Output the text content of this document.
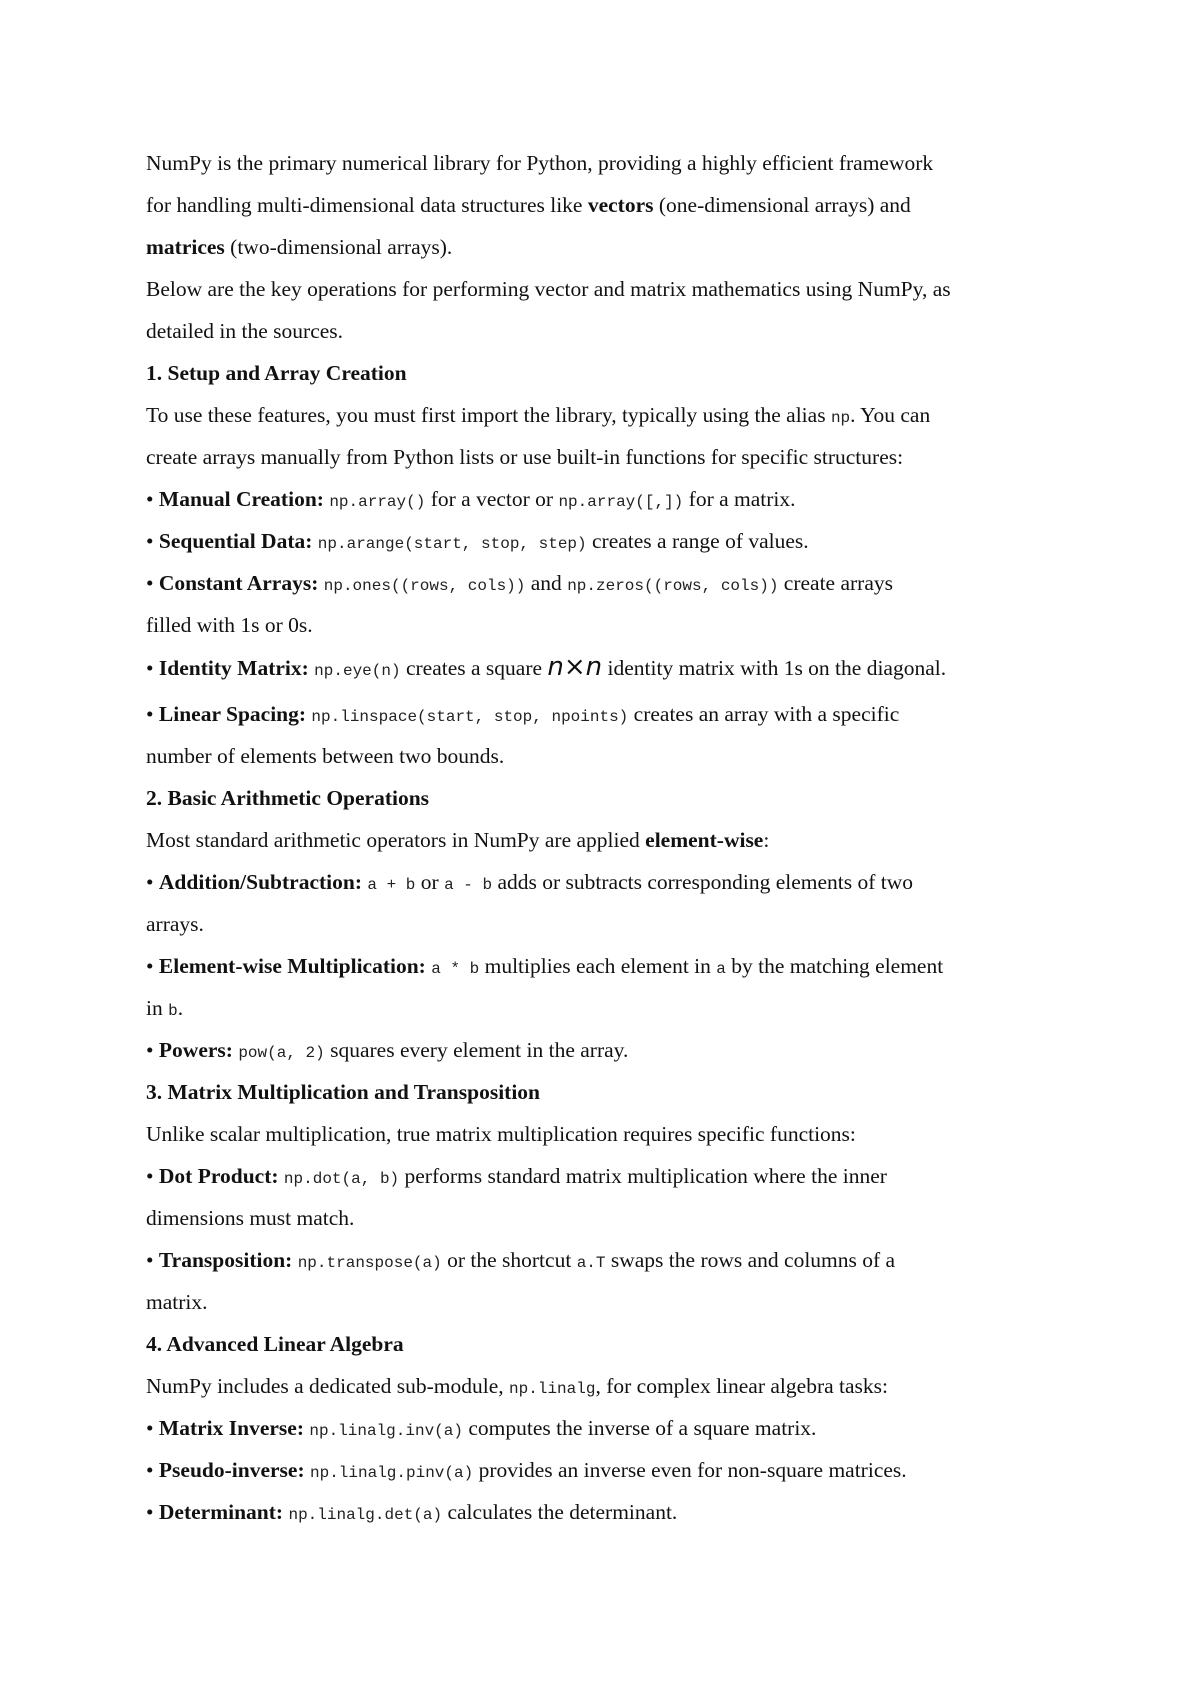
NumPy is the primary numerical library for Python, providing a highly efficient framework
for handling multi-dimensional data structures like vectors (one-dimensional arrays) and
matrices (two-dimensional arrays).
Below are the key operations for performing vector and matrix mathematics using NumPy, as
detailed in the sources.
1. Setup and Array Creation
To use these features, you must first import the library, typically using the alias np. You can
create arrays manually from Python lists or use built-in functions for specific structures:
• Manual Creation: np.array() for a vector or np.array([,]) for a matrix.
• Sequential Data: np.arange(start, stop, step) creates a range of values.
• Constant Arrays: np.ones((rows, cols)) and np.zeros((rows, cols)) create arrays
filled with 1s or 0s.
• Identity Matrix: np.eye(n) creates a square n×n identity matrix with 1s on the diagonal.
• Linear Spacing: np.linspace(start, stop, npoints) creates an array with a specific
number of elements between two bounds.
2. Basic Arithmetic Operations
Most standard arithmetic operators in NumPy are applied element-wise:
• Addition/Subtraction: a + b or a - b adds or subtracts corresponding elements of two
arrays.
• Element-wise Multiplication: a * b multiplies each element in a by the matching element
in b.
• Powers: pow(a, 2) squares every element in the array.
3. Matrix Multiplication and Transposition
Unlike scalar multiplication, true matrix multiplication requires specific functions:
• Dot Product: np.dot(a, b) performs standard matrix multiplication where the inner
dimensions must match.
• Transposition: np.transpose(a) or the shortcut a.T swaps the rows and columns of a
matrix.
4. Advanced Linear Algebra
NumPy includes a dedicated sub-module, np.linalg, for complex linear algebra tasks:
• Matrix Inverse: np.linalg.inv(a) computes the inverse of a square matrix.
• Pseudo-inverse: np.linalg.pinv(a) provides an inverse even for non-square matrices.
• Determinant: np.linalg.det(a) calculates the determinant.
